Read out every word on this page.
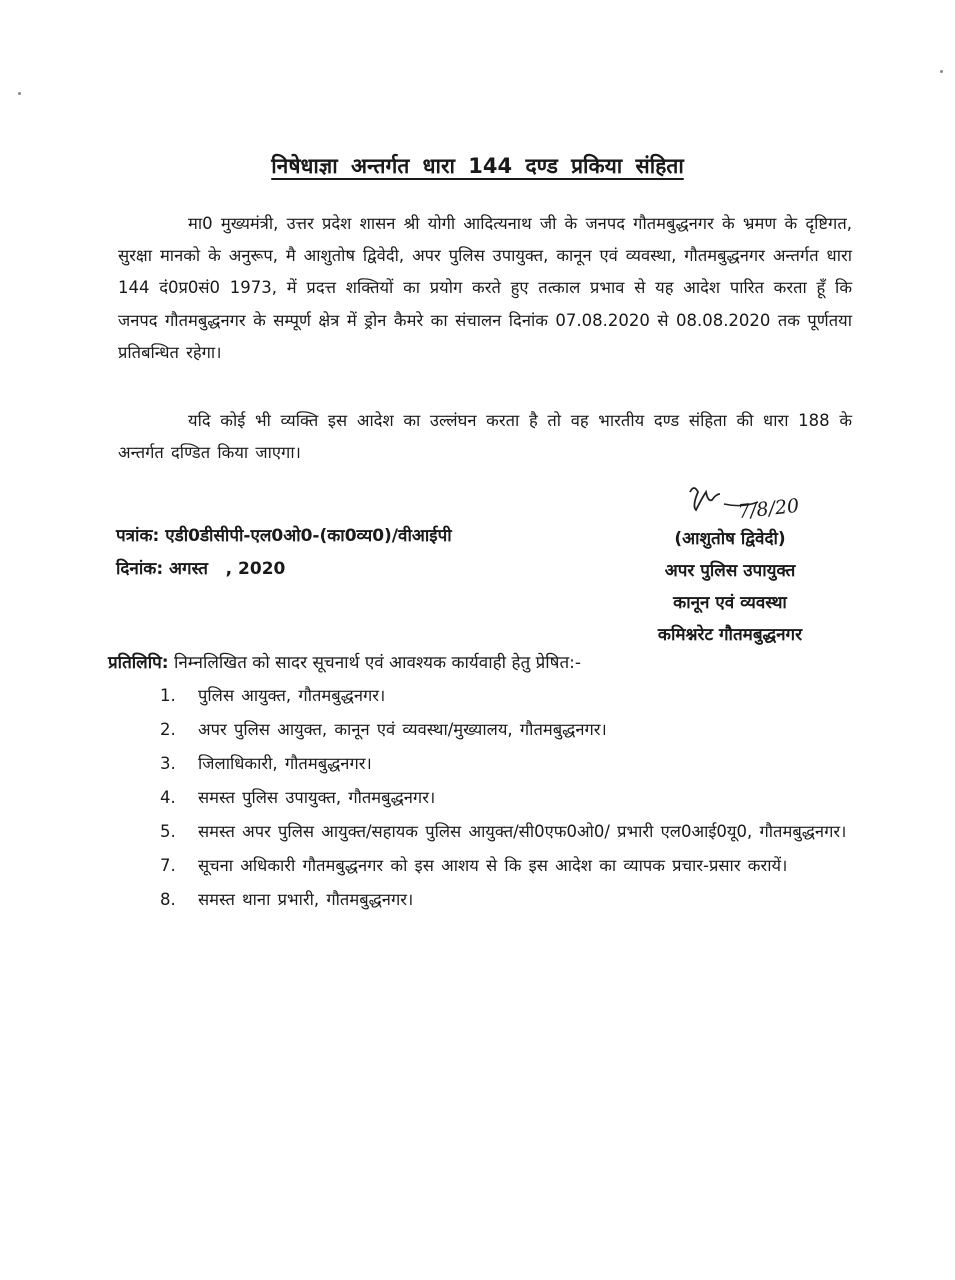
निषेधाज्ञा अन्तर्गत धारा 144 दण्ड प्रकिया संहिता

मा0 मुख्यमंत्री, उत्तर प्रदेश शासन श्री योगी आदित्यनाथ जी के जनपद गौतमबुद्धनगर के भ्रमण के दृष्टिगत, सुरक्षा मानको के अनुरूप, मै आशुतोष द्विवेदी, अपर पुलिस उपायुक्त, कानून एवं व्यवस्था, गौतमबुद्धनगर अन्तर्गत धारा 144 दं0प्र0सं0 1973, में प्रदत्त शक्तियों का प्रयोग करते हुए तत्काल प्रभाव से यह आदेश पारित करता हूँ कि जनपद गौतमबुद्धनगर के सम्पूर्ण क्षेत्र में ड्रोन कैमरे का संचालन दिनांक 07.08.2020 से 08.08.2020 तक पूर्णतया प्रतिबन्धित रहेगा।

यदि कोई भी व्यक्ति इस आदेश का उल्लंघन करता है तो वह भारतीय दण्ड संहिता की धारा 188 के अन्तर्गत दण्डित किया जाएगा।

पत्रांक: एडी0डीसीपी-एल0ओ0-(का0व्य0)/वीआईपी
दिनांक: अगस्त   , 2020
7/8/20
(आशुतोष द्विवेदी)
अपर पुलिस उपायुक्त
कानून एवं व्यवस्था
कमिश्नरेट गौतमबुद्धनगर
प्रतिलिपि: निम्नलिखित को सादर सूचनार्थ एवं आवश्यक कार्यवाही हेतु प्रेषित:-
1.	पुलिस आयुक्त, गौतमबुद्धनगर।
2.	अपर पुलिस आयुक्त, कानून एवं व्यवस्था/मुख्यालय, गौतमबुद्धनगर।
3.	जिलाधिकारी, गौतमबुद्धनगर।
4.	समस्त पुलिस उपायुक्त, गौतमबुद्धनगर।
5.	समस्त अपर पुलिस आयुक्त/सहायक पुलिस आयुक्त/सी0एफ0ओ0/ प्रभारी एल0आई0यू0, गौतमबुद्धनगर।
7.	सूचना अधिकारी गौतमबुद्धनगर को इस आशय से कि इस आदेश का व्यापक प्रचार-प्रसार करायें।
8.	समस्त थाना प्रभारी, गौतमबुद्धनगर।
